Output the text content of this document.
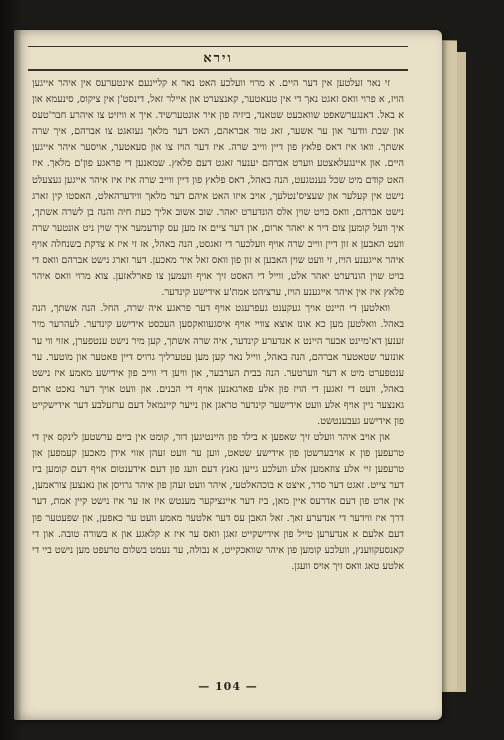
וירא

זי נאר זעלטען אין דער היים. א מרוי וועלכע האט נאר א קליינעם אינטערעס אין איהר אייגען הויז, א פרוי וואס זאגט נאך די אין טעאטער, קאנצערט און איילר זאל, דינסט'ן אין ציקוס, סינעמא און א באל. דאנגערשאפט שוואכעט שטאנד, ביזיה פון איר אונטערשיד. איך א וויזיט צו איהרע חבר'טעס און שבת וודער און ער אשער, זאג טור אבראהם, האט דער מלאך געזאגט צו אברהם, איך שרה אשתך. וואו איז דאס פלאץ פון דיין ווייב שרה. איז דער הויז צו און סעאטער, אויסער איהר אייגען היים. און איינגעלאצטע ווערט אברהם יענער זאגט דעם פלאץ. שמאנען די פראגע פון'ם מלאך. איז האט קודם מיט שכל נענטגעט, הנה באהל, דאס פלאץ פון דיין ווייב שרה איז איז איהר אייגען געצעלט נישט אין קעלער און שעציס'נטלעך, אויב איזו האט איהם דער מלאך ווידערהאלט, האסטו קין זארג נישט אברהם, וואס בויט שוין אלס הונדערט יאהר. שוב אשוב אליך כעת חיה והנה בן לשרה אשתך, איך וועל קומען צום דיר א יאהר ארום, און דער ציים אז מען עס קודעמער איך שוין ניט אונטער שרה וועט האבען א זון דיין ווייב שרה אויף וועלכער די זאגסט, הנה באהל, אז זי איז א צדקת בשנחלה אויף איהר אייגענע הויז, זי וועט שוין האבען א זון פון וואס זאל איר מאכען. דער זארג נישט אברהם וואס די בויט שוין הונדערט יאהר אלט, ווייל די האסט זיך אויף וועמען צו פארלאזען. צוא מרוי וואס איהר פלאץ איז אין איהר אייגענע הויז, ערציהט אמת'ע אידישע קינדער.

וואלטען די היינט אויך געקענט געפרעגט אויף דער פראגע איה שרה, החל. הנה אשתך, הנה באהל. וואלטען מען כא אונז אוצא צוויי אויף איסגעוואקסען העכסט אידישע קינדער. לעהרער מיר זענען דא'מיינט אבער היינט א אנדערע קינדער, איה שרה אשתך, קען מיר נישט ענטפערן, אזוי ווי ער אונזער שטאטער אברהם, הנה באהל, ווייל נאר קען מען עטערליך גרויס דיין פאטער און מוטער. ער ענטפערט מיט א דער ווערטער. הנה בבית הערבער, און וויען די ווייב פון אידישע מאמע איז נישט באהל, וועט די זאגען די הויז פון אלע פארגאנען אויף די הבנים. און וועט אויך דער נאכט ארום גאנצער ניין אויף אלע וועט אידישער קינדער טראגן און נייער קיינמאל דעם ערזעלבע דער אידישקייט פון אידישע געבענטשט.

און אויב איהר וועלט זיך שאפען א בילד פון היינטיגען דור, קומט אין ביים ערשטען לינקס אין די טרעפען פון א אויבערשטן פון אידישע שטאט, ווען ער וועט זעהן אזוי אידן מאכען קעמפען און טרעפען זיי אלע צוזאמען אלע וועלכע גייען גאנץ דעם וועג פון דעם אידענטום אויף דעם קומען ביז דער צייט. זאגט דער סדר, איצט א בוכהאלטעי, איהר וועט זעהן פון איהר גרויסן און נאנצען צוראמען, אין ארט פון דעם אדרעס איין מאן, ביז דער איינציקער מענטש איז אז ער איז נישט קיין אמת, דער דרך איז ווידער די אנדערע זאך. זאל האבן עס דער אלטער מאמע וועט ער כאפען, און שפעטער פון דעם אלעם א אנדערען טייל פון אידישקייט זאגן וואס ער איז א קלאגע און א בשורה טובה. און די קאנסעקווענץ, וועלכע קומען פון איהר שוואכקייט, א נבולה, ער נעמט בשלום טרעפט מען נישט ביי די אלטע טאג וואס זיך אויס וועגן.

— 104 —
